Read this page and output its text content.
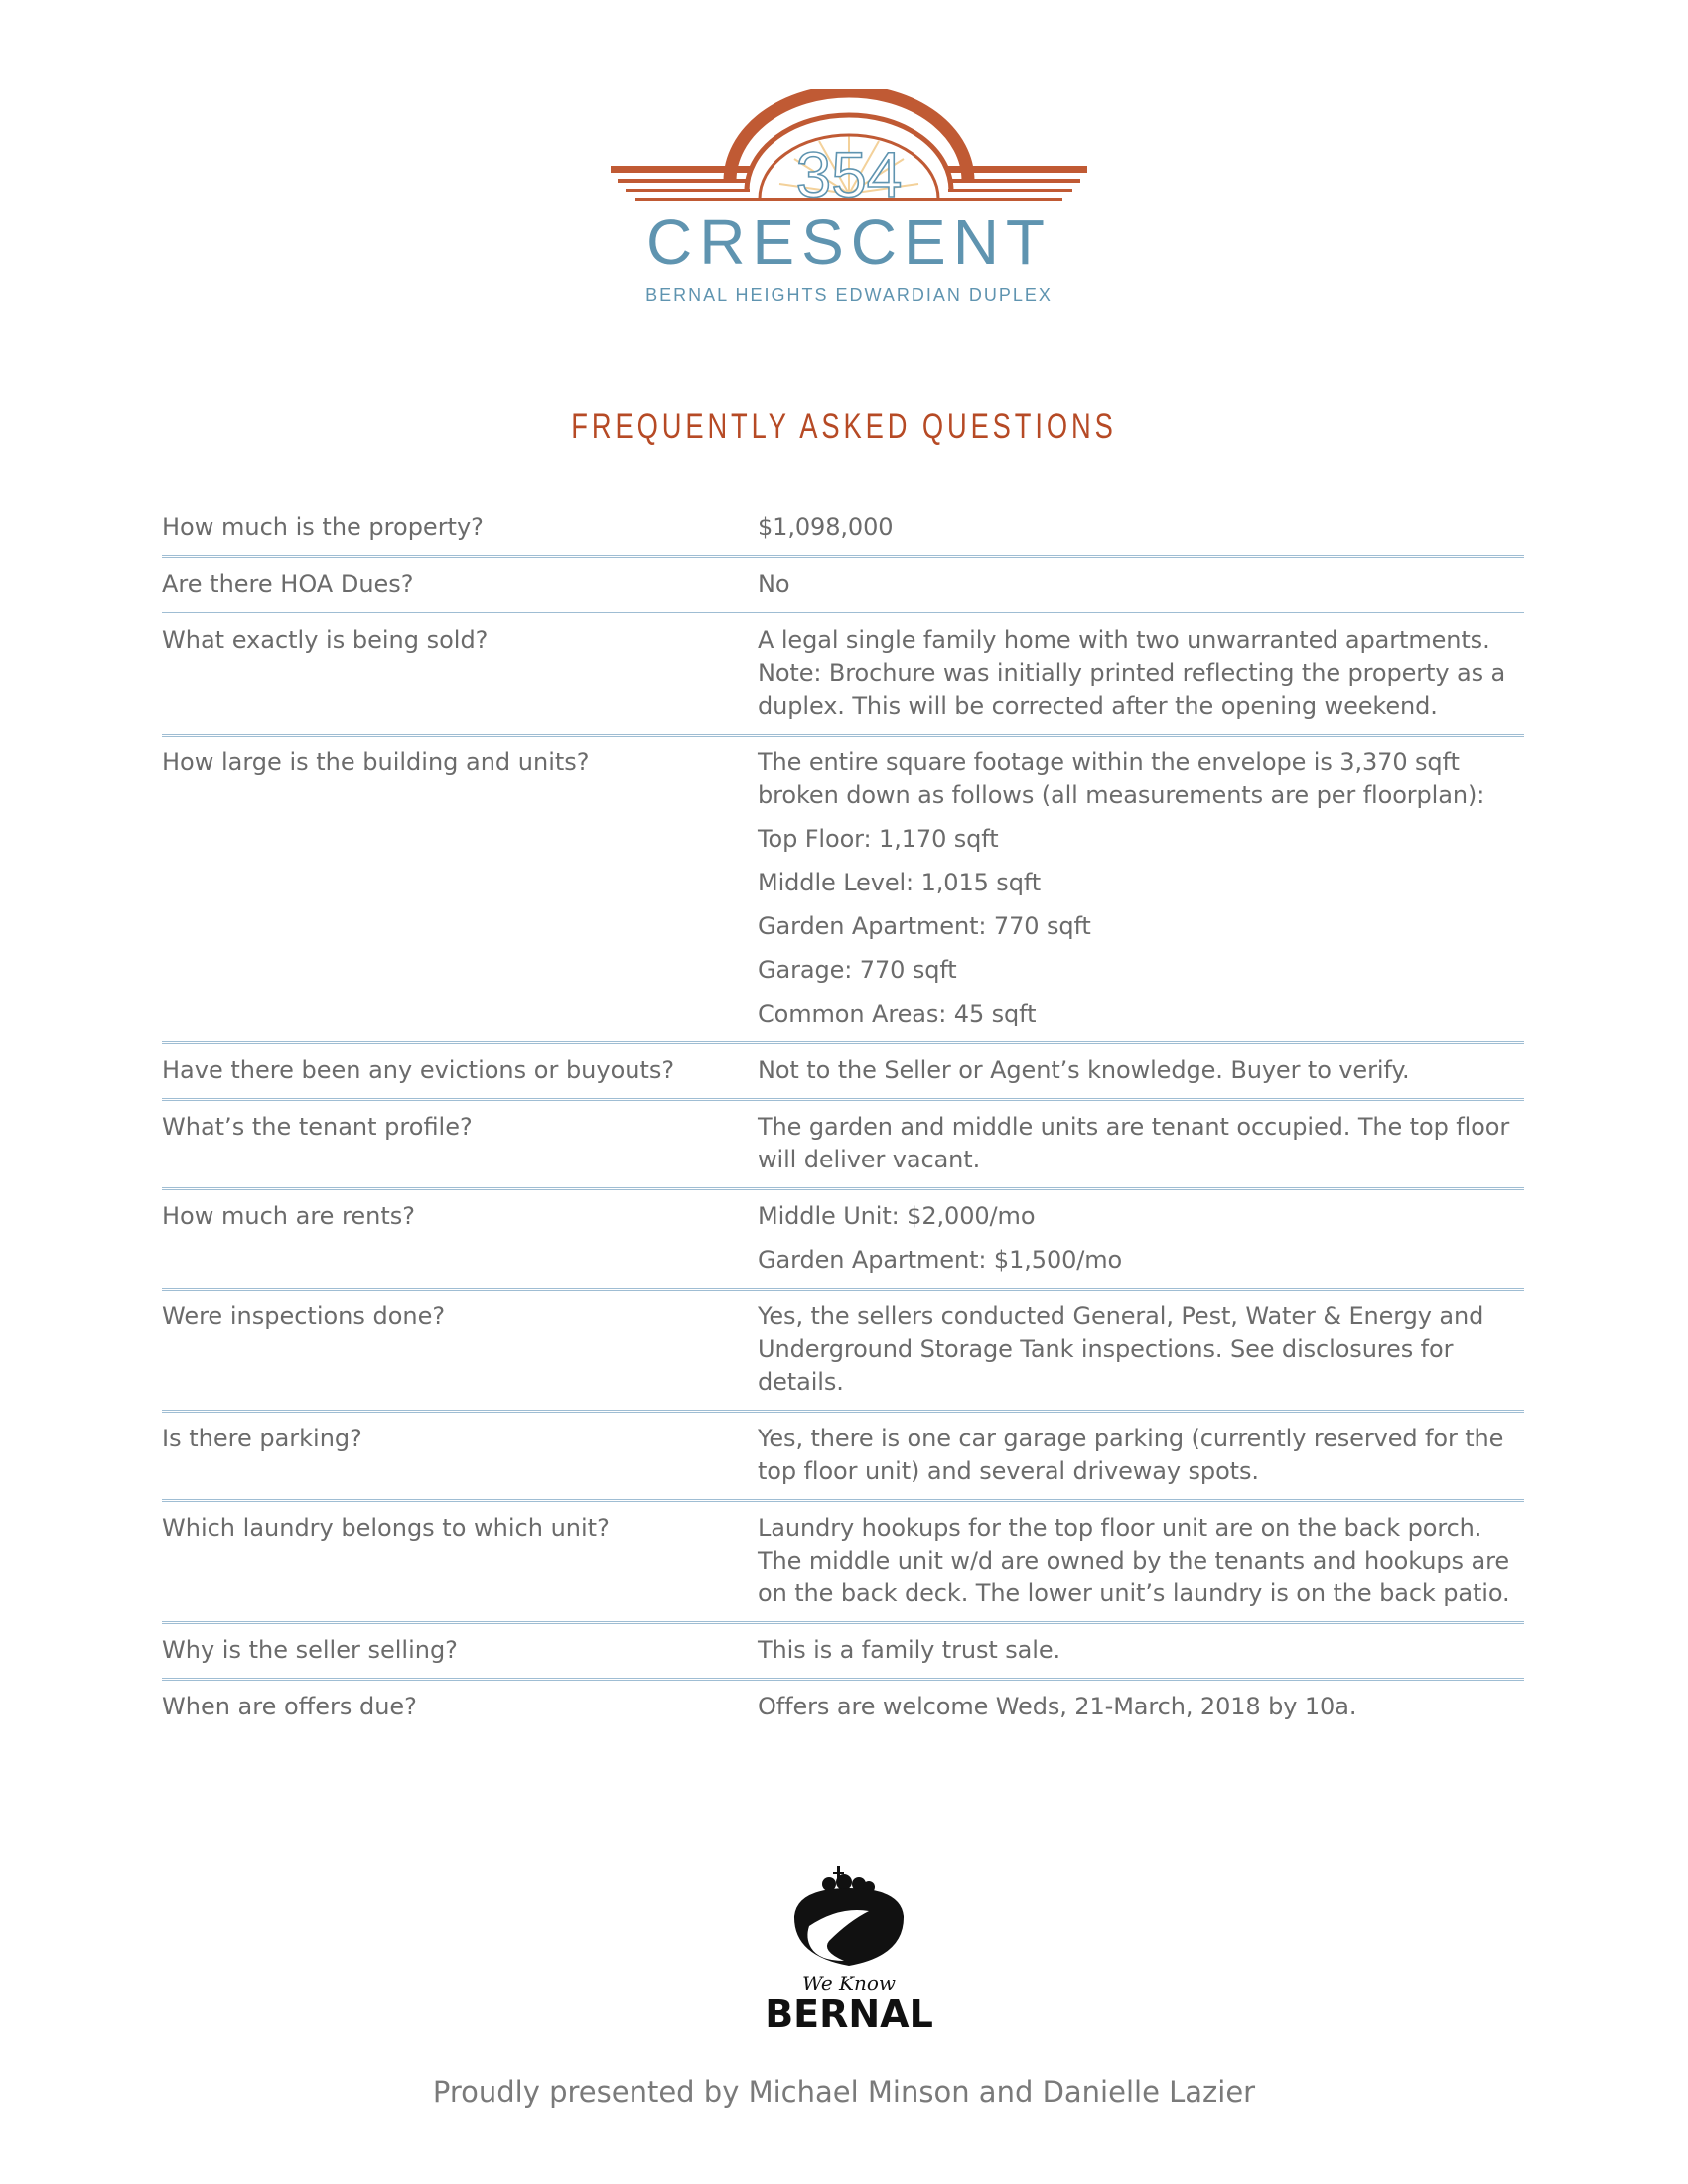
354
CRESCENT
BERNAL HEIGHTS EDWARDIAN DUPLEX
FREQUENTLY ASKED QUESTIONS
How much is the property?	$1,098,000

Are there HOA Dues?	No

What exactly is being sold?	A legal single family home with two unwarranted apartments. Note: Brochure was initially printed reflecting the property as a duplex. This will be corrected after the opening weekend.

How large is the building and units?	The entire square footage within the envelope is 3,370 sqft broken down as follows (all measurements are per floorplan):

Top Floor: 1,170 sqft

Middle Level: 1,015 sqft

Garden Apartment: 770 sqft

Garage: 770 sqft

Common Areas: 45 sqft

Have there been any evictions or buyouts?	Not to the Seller or Agent’s knowledge. Buyer to verify.

What’s the tenant profile?	The garden and middle units are tenant occupied. The top floor will deliver vacant.

How much are rents?	Middle Unit: $2,000/mo

Garden Apartment: $1,500/mo

Were inspections done?	Yes, the sellers conducted General, Pest, Water & Energy and Underground Storage Tank inspections. See disclosures for details.

Is there parking?	Yes, there is one car garage parking (currently reserved for the top floor unit) and several driveway spots.

Which laundry belongs to which unit?	Laundry hookups for the top floor unit are on the back porch. The middle unit w/d are owned by the tenants and hookups are on the back deck. The lower unit’s laundry is on the back patio.

Why is the seller selling?	This is a family trust sale.

When are offers due?	Offers are welcome Weds, 21-March, 2018 by 10a.

We Know
BERNAL
Proudly presented by Michael Minson and Danielle Lazier
